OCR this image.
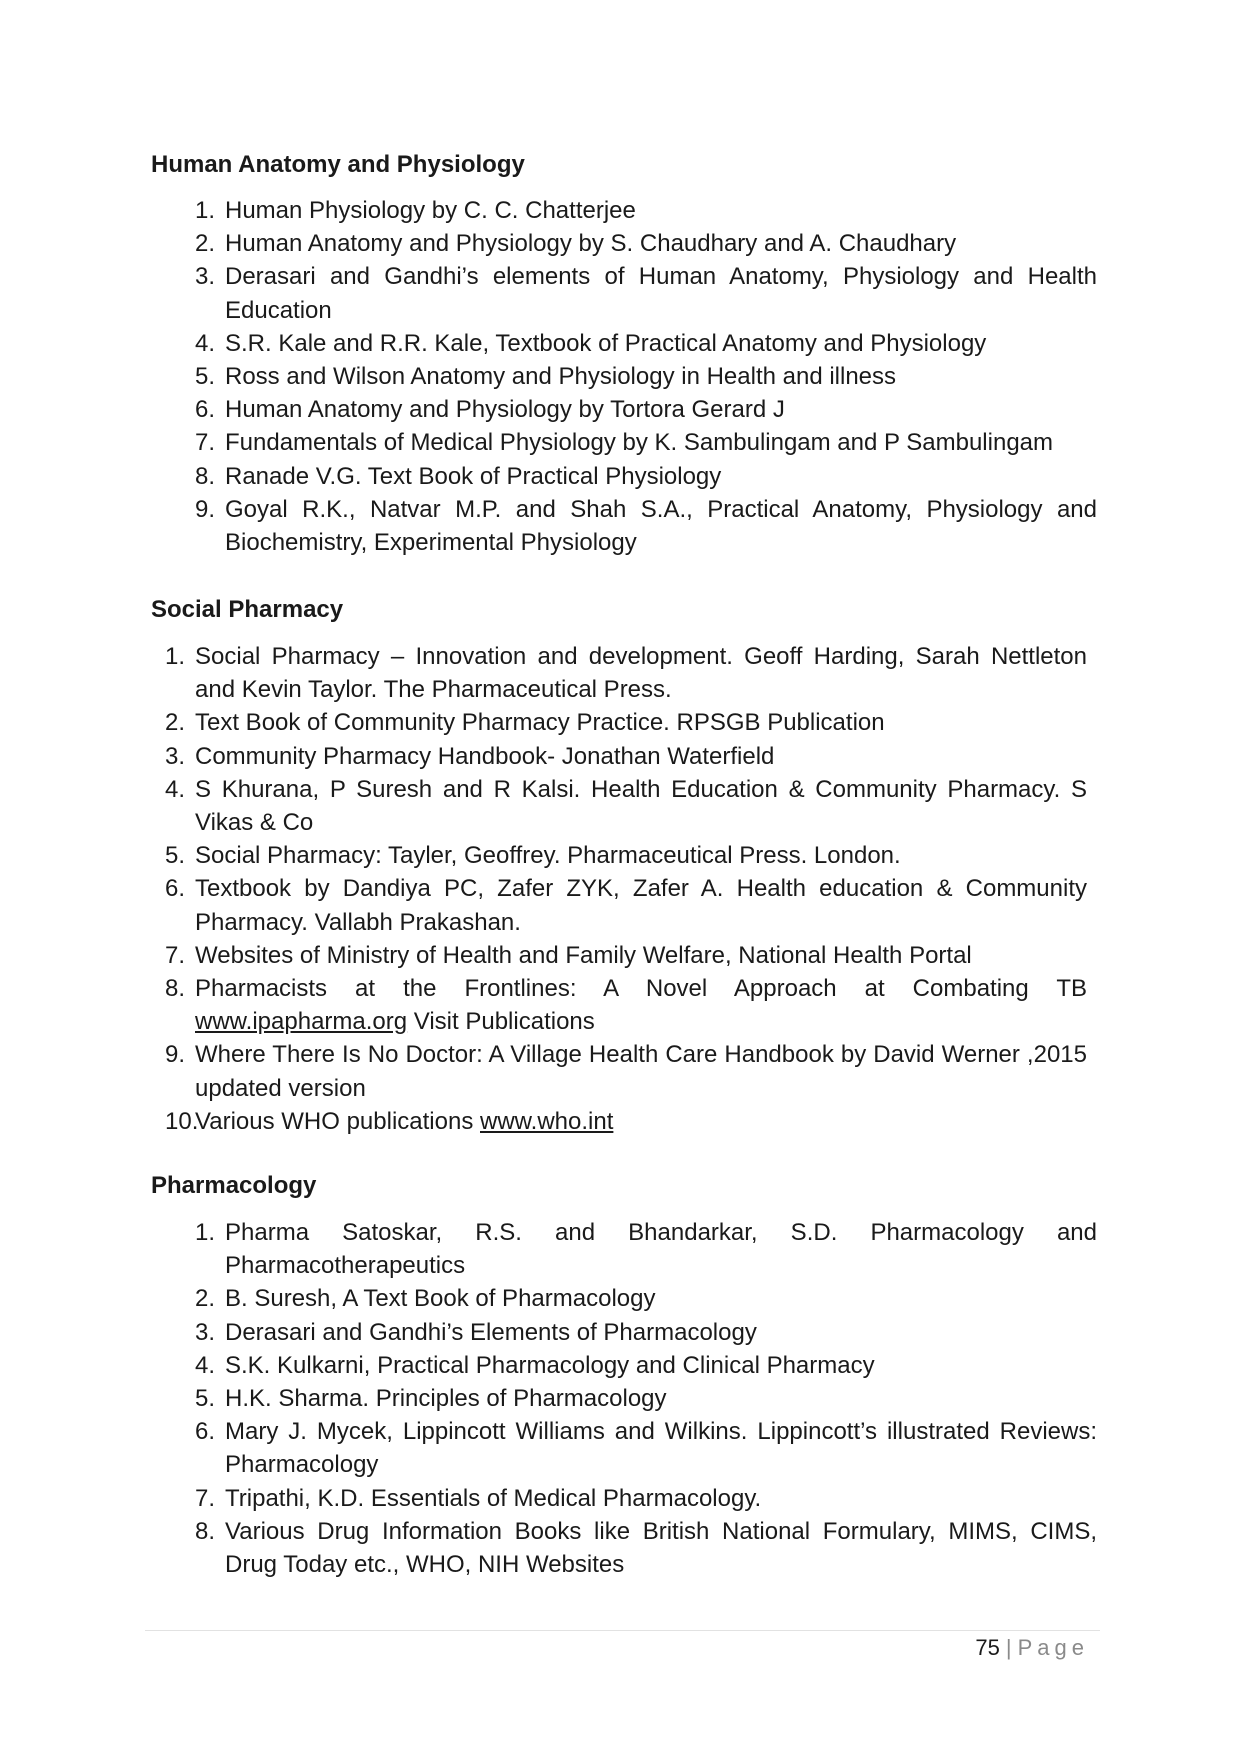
Human Anatomy and Physiology
1. Human Physiology by C. C. Chatterjee
2. Human Anatomy and Physiology by S. Chaudhary and A. Chaudhary
3. Derasari and Gandhi’s elements of Human Anatomy, Physiology and Health Education
4. S.R. Kale and R.R. Kale, Textbook of Practical Anatomy and Physiology
5. Ross and Wilson Anatomy and Physiology in Health and illness
6. Human Anatomy and Physiology by Tortora Gerard J
7. Fundamentals of Medical Physiology by K. Sambulingam and P Sambulingam
8. Ranade V.G. Text Book of Practical Physiology
9. Goyal R.K., Natvar M.P. and Shah S.A., Practical Anatomy, Physiology and Biochemistry, Experimental Physiology
Social Pharmacy
1. Social Pharmacy – Innovation and development. Geoff Harding, Sarah Nettleton and Kevin Taylor. The Pharmaceutical Press.
2. Text Book of Community Pharmacy Practice. RPSGB Publication
3. Community Pharmacy Handbook- Jonathan Waterfield
4. S Khurana, P Suresh and R Kalsi. Health Education & Community Pharmacy. S Vikas & Co
5. Social Pharmacy: Tayler, Geoffrey. Pharmaceutical Press. London.
6. Textbook by Dandiya PC, Zafer ZYK, Zafer A. Health education & Community Pharmacy. Vallabh Prakashan.
7. Websites of Ministry of Health and Family Welfare, National Health Portal
8. Pharmacists at the Frontlines: A Novel Approach at Combating TB www.ipapharma.org Visit Publications
9. Where There Is No Doctor: A Village Health Care Handbook by David Werner ,2015 updated version
10.
Various WHO publications www.who.int
Pharmacology
1. Pharma Satoskar, R.S. and Bhandarkar, S.D. Pharmacology and Pharmacotherapeutics
2. B. Suresh, A Text Book of Pharmacology
3. Derasari and Gandhi’s Elements of Pharmacology
4. S.K. Kulkarni, Practical Pharmacology and Clinical Pharmacy
5. H.K. Sharma. Principles of Pharmacology
6. Mary J. Mycek, Lippincott Williams and Wilkins. Lippincott’s illustrated Reviews: Pharmacology
7. Tripathi, K.D. Essentials of Medical Pharmacology.
8. Various Drug Information Books like British National Formulary, MIMS, CIMS, Drug Today etc., WHO, NIH Websites
75 | Page
